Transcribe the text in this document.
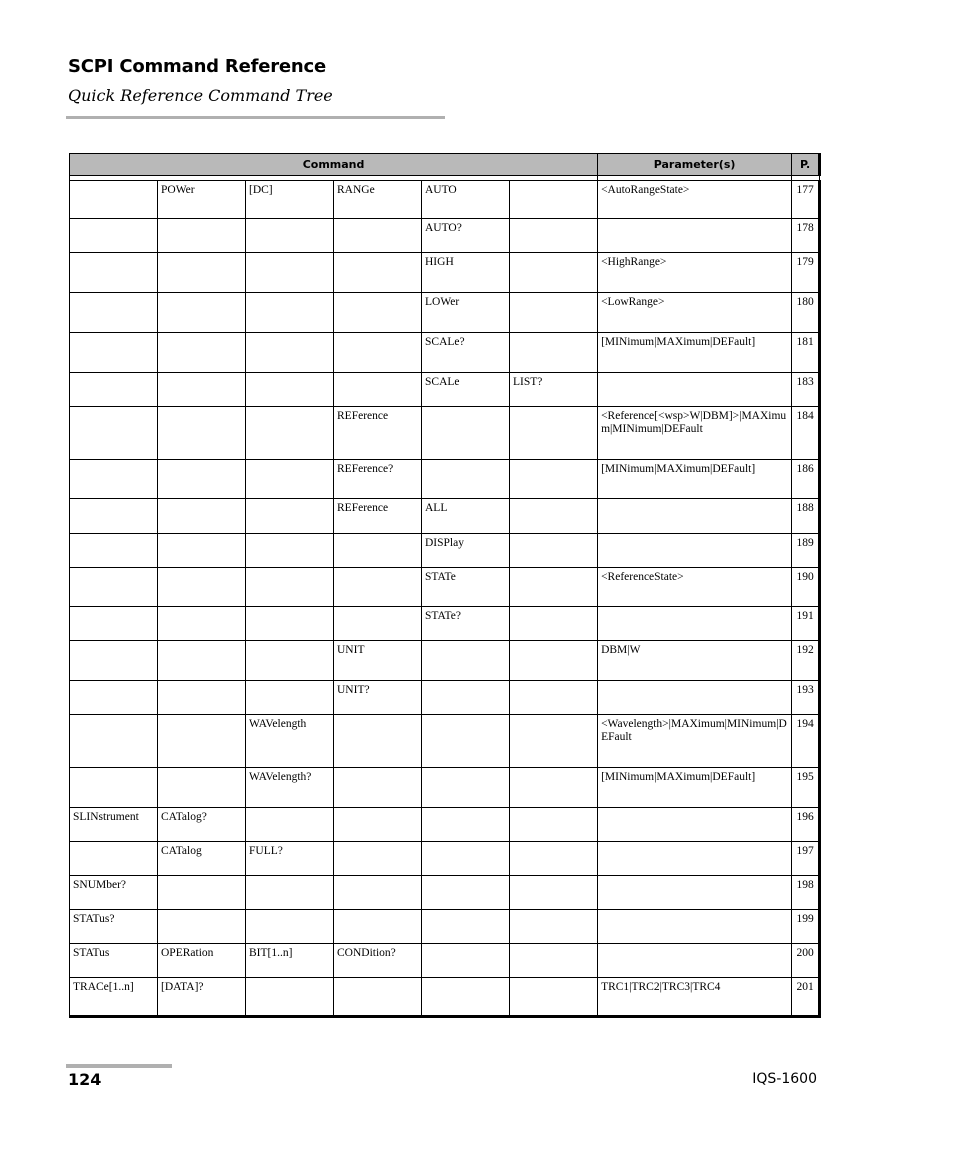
SCPI Command Reference
Quick Reference Command Tree
Command						Parameter(s)	P.

	POWer	[DC]	RANGe	AUTO		<AutoRangeState>	177
				AUTO?			178
				HIGH		<HighRange>	179
				LOWer		<LowRange>	180
				SCALe?		[MINimum|MAXimum|DEFault]	181
				SCALe	LIST?		183
			REFerence			<Reference[<wsp>W|DBM]>|MAXimum|MINimum|DEFault	184
			REFerence?			[MINimum|MAXimum|DEFault]	186
			REFerence	ALL			188
				DISPlay			189
				STATe		<ReferenceState>	190
				STATe?			191
			UNIT			DBM|W	192
			UNIT?				193
		WAVelength				<Wavelength>|MAXimum|MINimum|DEFault	194
		WAVelength?				[MINimum|MAXimum|DEFault]	195
SLINstrument	CATalog?						196
	CATalog	FULL?					197
SNUMber?							198
STATus?							199
STATus	OPERation	BIT[1..n]	CONDition?				200
TRACe[1..n]	[DATA]?					TRC1|TRC2|TRC3|TRC4	201
124	IQS-1600
